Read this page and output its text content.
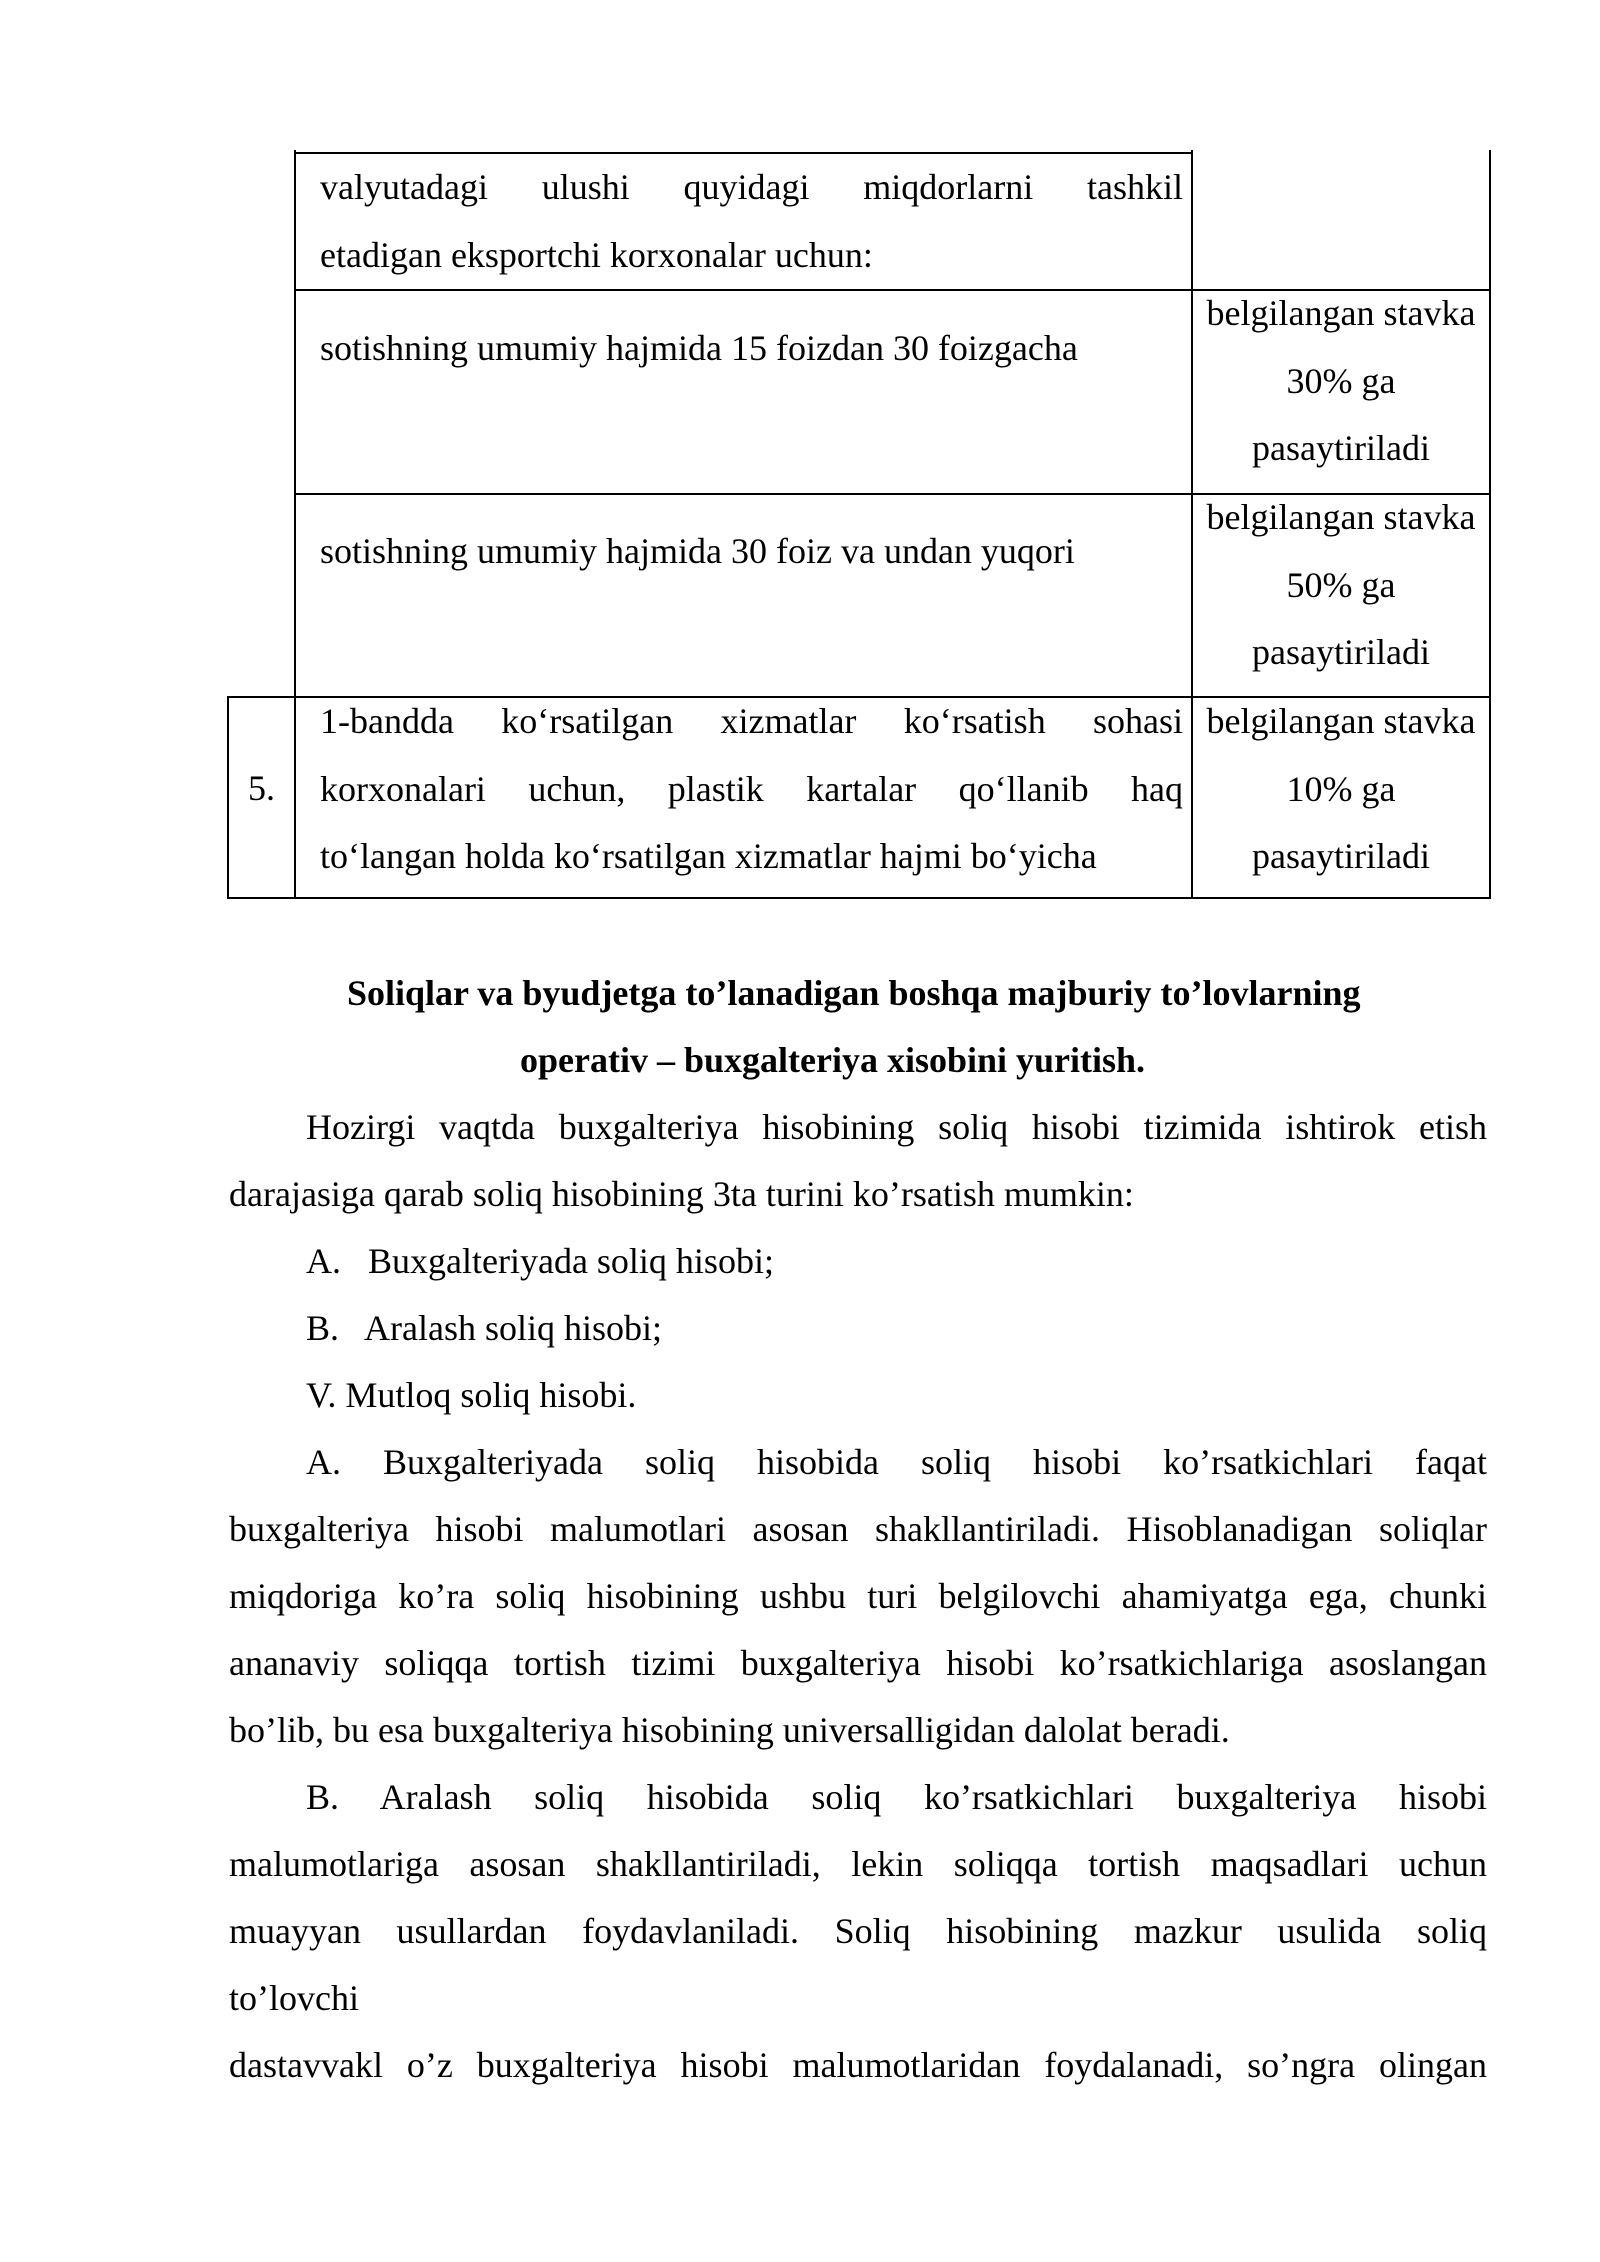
valyutadagi ulushi quyidagi miqdorlarni tashkil
etadigan eksportchi korxonalar uchun:
sotishning umumiy hajmida 15 foizdan 30 foizgacha
belgilangan stavka
30% ga
pasaytiriladi
sotishning umumiy hajmida 30 foiz va undan yuqori
belgilangan stavka
50% ga
pasaytiriladi
5.
1-bandda ko‘rsatilgan xizmatlar ko‘rsatish sohasi
korxonalari uchun, plastik kartalar qo‘llanib haq
to‘langan holda ko‘rsatilgan xizmatlar hajmi bo‘yicha
belgilangan stavka
10% ga
pasaytiriladi
Soliqlar va byudjetga to’lanadigan boshqa majburiy to’lovlarning
operativ – buxgalteriya xisobini yuritish.
Hozirgi vaqtda buxgalteriya hisobining soliq hisobi tizimida ishtirok etish
darajasiga qarab soliq hisobining 3ta turini ko’rsatish mumkin:
A.   Buxgalteriyada soliq hisobi;
B.   Aralash soliq hisobi;
V. Mutloq soliq hisobi.
A. Buxgalteriyada soliq hisobida soliq hisobi ko’rsatkichlari faqat
buxgalteriya hisobi malumotlari asosan shakllantiriladi. Hisoblanadigan soliqlar
miqdoriga ko’ra soliq hisobining ushbu turi belgilovchi ahamiyatga ega, chunki
ananaviy soliqqa tortish tizimi buxgalteriya hisobi ko’rsatkichlariga asoslangan
bo’lib, bu esa buxgalteriya hisobining universalligidan dalolat beradi.
B. Aralash soliq hisobida soliq ko’rsatkichlari buxgalteriya hisobi
malumotlariga asosan shakllantiriladi, lekin soliqqa tortish maqsadlari uchun
muayyan usullardan foydavlaniladi. Soliq hisobining mazkur usulida soliq
to’lovchi
dastavvakl o’z buxgalteriya hisobi malumotlaridan foydalanadi, so’ngra olingan
